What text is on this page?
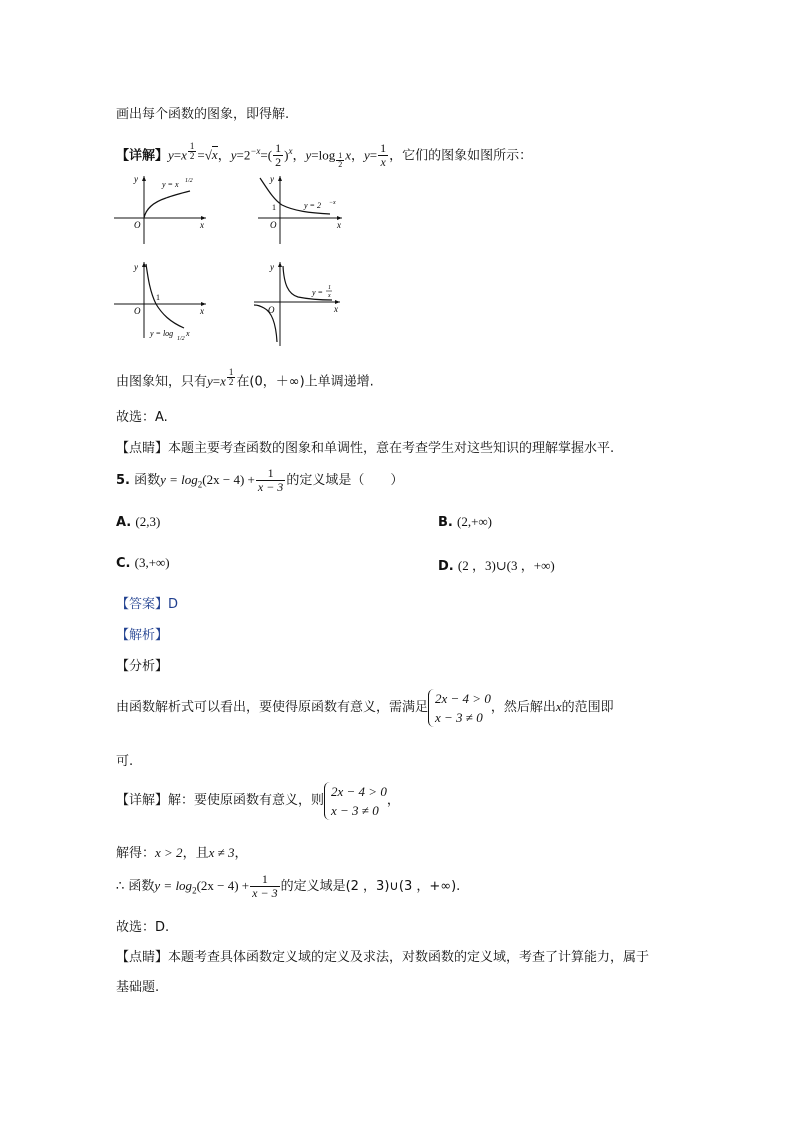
画出每个函数的图象，即得解.
【详解】y=x $^{\frac{1}{2}}$ =√x，$y=2^{-x}=( \frac{1}{2} )^x$，y=log $_{\frac{1}{2}}$ x，$y= \frac{1}{x}$ ，它们的图象如图所示：
x
y
O
y = x 1/2
x
y
O
1	y = 2 −x
x
y
O
1
y = log
1/2
x
x
y
O
y = 1
x
由图象知，只有y=x $^{\frac{1}{2}}$ 在(0，＋∞)上单调递增.
故选：A.
【点睛】本题主要考查函数的图象和单调性，意在考查学生对这些知识的理解掌握水平.
5. 函数$y = \log_2(2x - 4) + \frac{1}{x - 3}$ 的定义域是（　　）
A. (2,3)	B. (2,+∞)
C. (3,+∞)	D. (2 ，3)∪(3 ，+∞)
【答案】D
【解析】
【分析】
由函数解析式可以看出，要使得原函数有意义，需满足
2x − 4 > 0
x − 3 ≠ 0
，然后解出x的范围即
可.
【详解】解：要使原函数有意义，则
2x − 4 > 0
x − 3 ≠ 0
，
解得：x > 2，且x ≠ 3，
∴ 函数$y = \log_2(2x - 4) + \frac{1}{x - 3}$ 的定义域是(2 ，3)∪(3 ，+∞).
故选：D.
【点睛】本题考查具体函数定义域的定义及求法，对数函数的定义域，考查了计算能力，属于
基础题.
